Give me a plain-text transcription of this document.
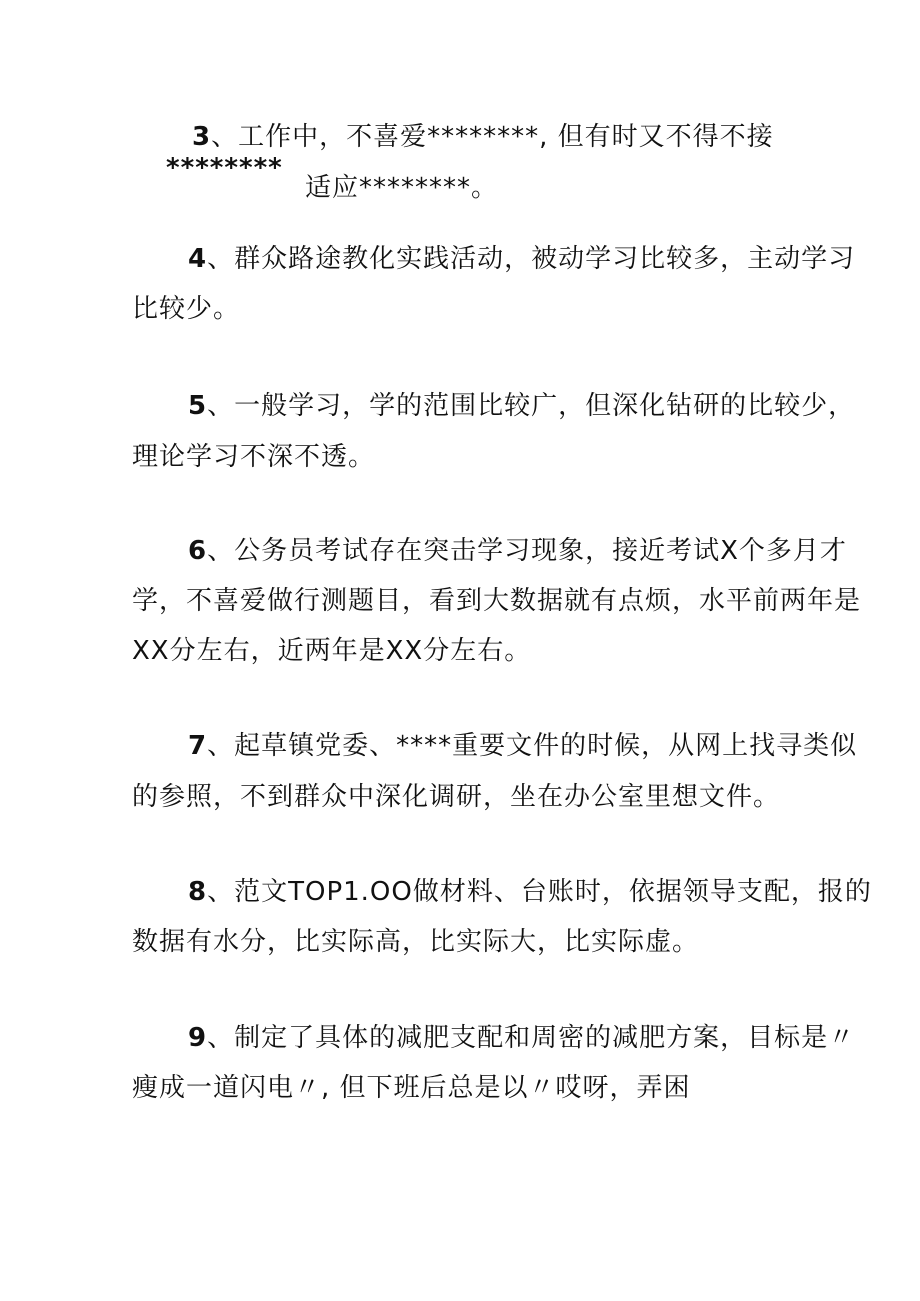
3、工作中，不喜爱********, 但有时又不得不接
********
适应********。
4、群众路途教化实践活动，被动学习比较多，主动学习
比较少。
5、一般学习，学的范围比较广，但深化钻研的比较少，
理论学习不深不透。
6、公务员考试存在突击学习现象，接近考试X个多月才
学，不喜爱做行测题目，看到大数据就有点烦，水平前两年是
XX分左右，近两年是XX分左右。
7、起草镇党委、****重要文件的时候，从网上找寻类似
的参照，不到群众中深化调研，坐在办公室里想文件。
8、范文TOP1.OO做材料、台账时，依据领导支配，报的
数据有水分，比实际高，比实际大，比实际虚。
9、制定了具体的减肥支配和周密的减肥方案，目标是〃
瘦成一道闪电〃, 但下班后总是以〃哎呀，弄困
